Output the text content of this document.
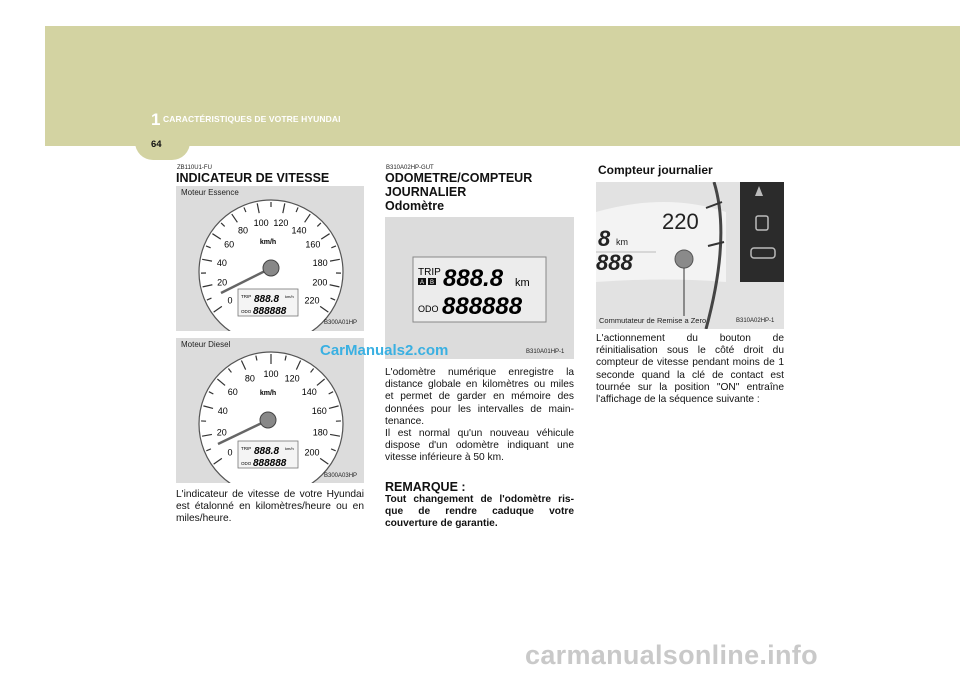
1 CARACTÉRISTIQUES DE VOTRE HYUNDAI
64
ZB110U1-FU
INDICATEUR DE VITESSE
Moteur Essence
0
20
40
60
80
100 120
140
160
180
200
220
km/h
TRIP 888.8 km/h
ODO 888888
B300A01HP
Moteur Diesel
0
20
40
60
80 100 120
140
160
180
200
km/h
TRIP 888.8 km/h
ODO 888888
B300A03HP

L'indicateur de vitesse de votre Hyundai est étalonné en kilomètres/heure ou en miles/heure.

B310A02HP-GUT
ODOMETRE/COMPTEUR
JOURNALIER
Odomètre
TRIP
A B 888.8 km
ODO 888888
B310A01HP-1

L'odomètre numérique enregistre la distance globale en kilomètres ou miles et permet de garder en mémoire des données pour les intervalles de main-tenance.

Il est normal qu'un nouveau véhicule dispose d'un odomètre indiquant une vitesse inférieure à 50 km.

REMARQUE :

Tout changement de l'odomètre ris-que de rendre caduque votre couverture de garantie.

Compteur journalier
220
8 km
888
Commutateur de Remise a Zero	B310A02HP-1

L'actionnement du bouton de réinitialisation sous le côté droit du compteur de vitesse pendant moins de 1 seconde quand la clé de contact est tournée sur la position "ON" entraîne l'affichage de la séquence suivante :

CarManuals2.com
carmanualsonline.info
